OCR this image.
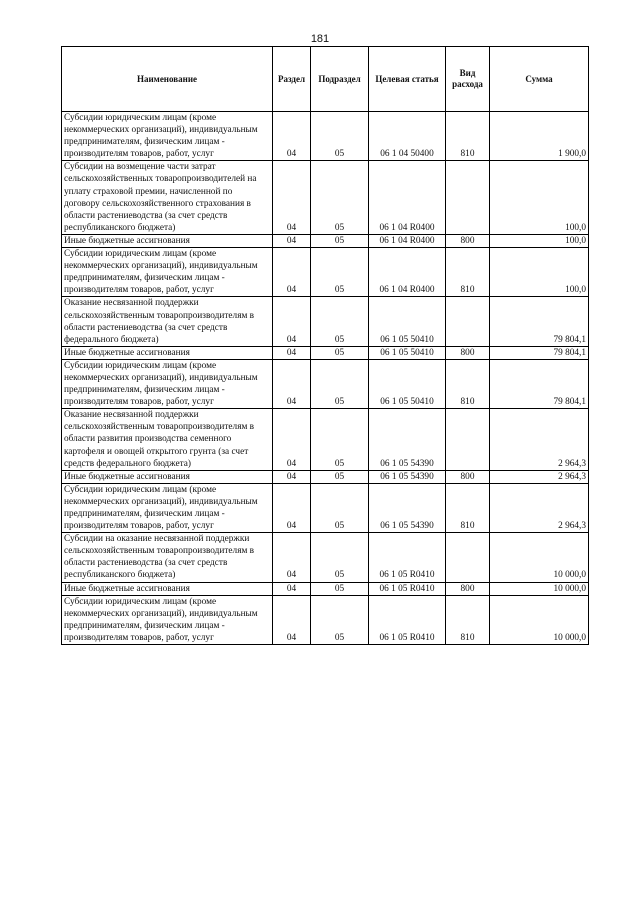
181
Наименование	Раздел	Подраздел	Целевая статья	Вид расхода	Сумма
Субсидии юридическим лицам (кроме некоммерческих организаций), индивидуальным предпринимателям, физическим лицам - производителям товаров, работ, услуг	04	05	06 1 04 50400	810	1 900,0
Субсидии на возмещение части затрат сельскохозяйственных товаропроизводителей на уплату страховой премии, начисленной по договору сельскохозяйственного страхования в области растениеводства (за счет средств республиканского бюджета)	04	05	06 1 04 R0400		100,0
Иные бюджетные ассигнования	04	05	06 1 04 R0400	800	100,0
Субсидии юридическим лицам (кроме некоммерческих организаций), индивидуальным предпринимателям, физическим лицам - производителям товаров, работ, услуг	04	05	06 1 04 R0400	810	100,0
Оказание несвязанной поддержки сельскохозяйственным товаропроизводителям в области растениеводства (за счет средств федерального бюджета)	04	05	06 1 05 50410		79 804,1
Иные бюджетные ассигнования	04	05	06 1 05 50410	800	79 804,1
Субсидии юридическим лицам (кроме некоммерческих организаций), индивидуальным предпринимателям, физическим лицам - производителям товаров, работ, услуг	04	05	06 1 05 50410	810	79 804,1
Оказание несвязанной поддержки сельскохозяйственным товаропроизводителям в области развития производства семенного картофеля и овощей открытого грунта (за счет средств федерального бюджета)	04	05	06 1 05 54390		2 964,3
Иные бюджетные ассигнования	04	05	06 1 05 54390	800	2 964,3
Субсидии юридическим лицам (кроме некоммерческих организаций), индивидуальным предпринимателям, физическим лицам - производителям товаров, работ, услуг	04	05	06 1 05 54390	810	2 964,3
Субсидии на оказание несвязанной поддержки сельскохозяйственным товаропроизводителям в области растениеводства (за счет средств республиканского бюджета)	04	05	06 1 05 R0410		10 000,0
Иные бюджетные ассигнования	04	05	06 1 05 R0410	800	10 000,0
Субсидии юридическим лицам (кроме некоммерческих организаций), индивидуальным предпринимателям, физическим лицам - производителям товаров, работ, услуг	04	05	06 1 05 R0410	810	10 000,0
